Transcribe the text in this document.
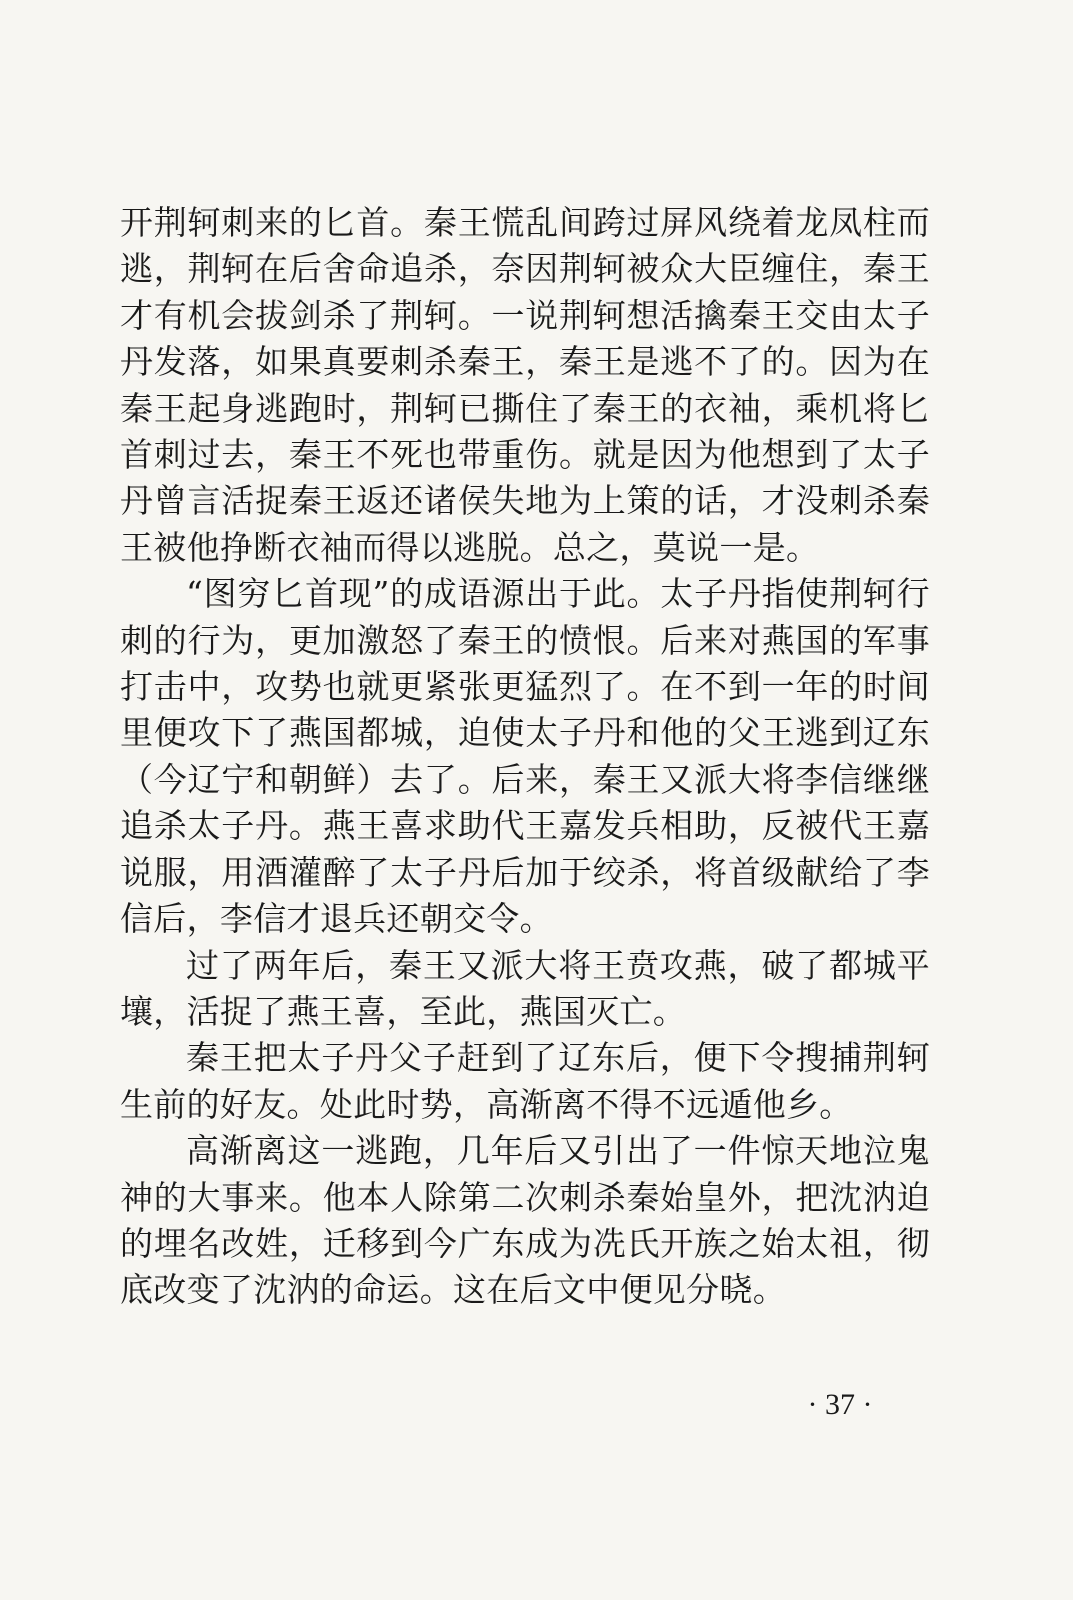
开荆轲刺来的匕首。秦王慌乱间跨过屏风绕着龙凤柱而逃，荆轲在后舍命追杀，奈因荆轲被众大臣缠住，秦王才有机会拔剑杀了荆轲。一说荆轲想活擒秦王交由太子丹发落，如果真要刺杀秦王，秦王是逃不了的。因为在秦王起身逃跑时，荆轲已撕住了秦王的衣袖，乘机将匕首刺过去，秦王不死也带重伤。就是因为他想到了太子丹曾言活捉秦王返还诸侯失地为上策的话，才没刺杀秦王被他挣断衣袖而得以逃脱。总之，莫说一是。

“图穷匕首现”的成语源出于此。太子丹指使荆轲行刺的行为，更加激怒了秦王的愤恨。后来对燕国的军事打击中，攻势也就更紧张更猛烈了。在不到一年的时间里便攻下了燕国都城，迫使太子丹和他的父王逃到辽东（今辽宁和朝鲜）去了。后来，秦王又派大将李信继继追杀太子丹。燕王喜求助代王嘉发兵相助，反被代王嘉说服，用酒灌醉了太子丹后加于绞杀，将首级献给了李信后，李信才退兵还朝交令。

过了两年后，秦王又派大将王贲攻燕，破了都城平壤，活捉了燕王喜，至此，燕国灭亡。

秦王把太子丹父子赶到了辽东后，便下令搜捕荆轲生前的好友。处此时势，高渐离不得不远遁他乡。

高渐离这一逃跑，几年后又引出了一件惊天地泣鬼神的大事来。他本人除第二次刺杀秦始皇外，把沈汭迫的埋名改姓，迁移到今广东成为冼氏开族之始太祖，彻底改变了沈汭的命运。这在后文中便见分晓。

· 37 ·
